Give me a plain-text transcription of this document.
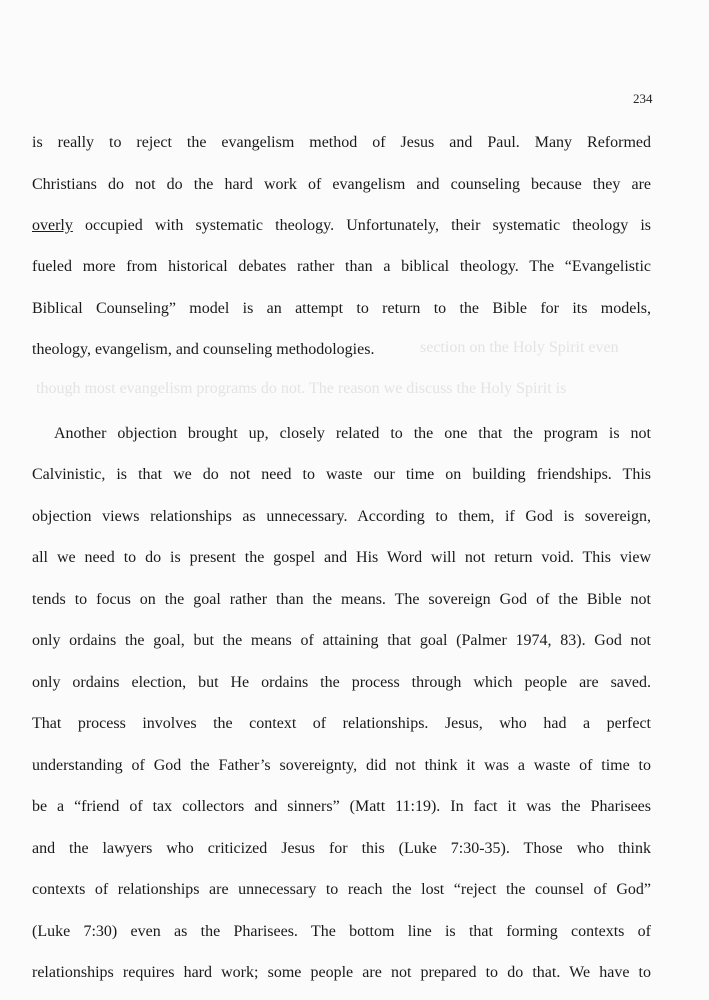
234
section on the Holy Spirit even
though most evangelism programs do not. The reason we discuss the Holy Spirit is
is really to reject the evangelism method of Jesus and Paul. Many Reformed
Christians do not do the hard work of evangelism and counseling because they are
overly occupied with systematic theology. Unfortunately, their systematic theology is
fueled more from historical debates rather than a biblical theology. The “Evangelistic
Biblical Counseling” model is an attempt to return to the Bible for its models,
theology, evangelism, and counseling methodologies.
Another objection brought up, closely related to the one that the program is not
Calvinistic, is that we do not need to waste our time on building friendships. This
objection views relationships as unnecessary. According to them, if God is sovereign,
all we need to do is present the gospel and His Word will not return void. This view
tends to focus on the goal rather than the means. The sovereign God of the Bible not
only ordains the goal, but the means of attaining that goal (Palmer 1974, 83). God not
only ordains election, but He ordains the process through which people are saved.
That process involves the context of relationships. Jesus, who had a perfect
understanding of God the Father’s sovereignty, did not think it was a waste of time to
be a “friend of tax collectors and sinners” (Matt 11:19). In fact it was the Pharisees
and the lawyers who criticized Jesus for this (Luke 7:30-35). Those who think
contexts of relationships are unnecessary to reach the lost “reject the counsel of God”
(Luke 7:30) even as the Pharisees. The bottom line is that forming contexts of
relationships requires hard work; some people are not prepared to do that. We have to
